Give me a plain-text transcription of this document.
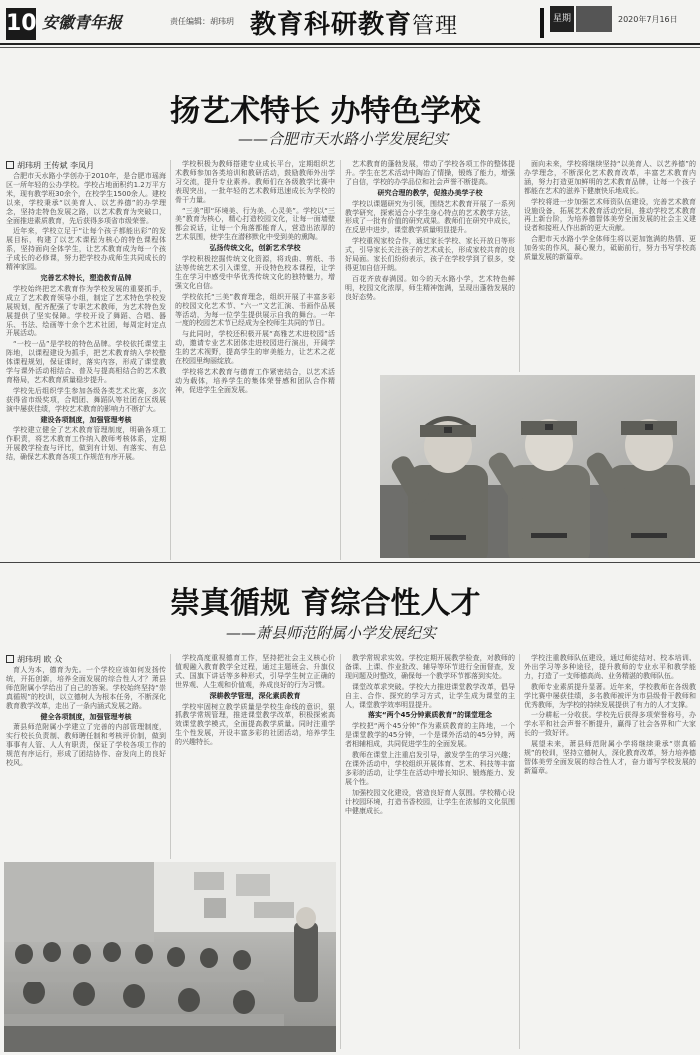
10 安徽青年报	责任编辑：胡玮玥 教育科研教育管理	星期	2020年7月16日
扬艺术特长 办特色学校
——合肥市天水路小学发展纪实
胡玮玥 王传斌 李凤月

合肥市天水路小学创办于2010年，是合肥市瑶海区一所年轻的公办学校。学校占地面积约1.2万平方米，现有教学班30余个，在校学生1500余人。建校以来，学校秉承“以美育人、以艺养德”的办学理念，坚持走特色发展之路，以艺术教育为突破口，全面推进素质教育，先后获得多项省市级荣誉。

近年来，学校立足于“让每个孩子都能出彩”的发展目标，构建了以艺术课程为核心的特色课程体系，坚持面向全体学生，让艺术教育成为每一个孩子成长的必修课，努力把学校办成师生共同成长的精神家园。

完善艺术特长，塑造教育品牌

学校始终把艺术教育作为学校发展的重要抓手，成立了艺术教育领导小组，制定了艺术特色学校发展规划，配齐配强了专职艺术教师，为艺术特色发展提供了坚实保障。学校开设了舞蹈、合唱、器乐、书法、绘画等十余个艺术社团，每周定时定点开展活动。

“一校一品”是学校的特色品牌。学校依托课堂主阵地，以课程建设为抓手，把艺术教育纳入学校整体课程规划，保证课时，落实内容，形成了课堂教学与课外活动相结合、普及与提高相结合的艺术教育格局，艺术教育质量稳步提升。

学校先后组织学生参加各级各类艺术比赛，多次获得省市级奖项，合唱团、舞蹈队等社团在区级展演中屡获佳绩，学校艺术教育的影响力不断扩大。

建设各项制度，加强管理考核

学校建立健全了艺术教育管理制度，明确各项工作职责，将艺术教育工作纳入教师考核体系，定期开展教学检查与评比，做到有计划、有落实、有总结，确保艺术教育各项工作规范有序开展。

学校积极为教师搭建专业成长平台，定期组织艺术教师参加各类培训和教研活动，鼓励教师外出学习交流，提升专业素养。教师们在各级教学比赛中表现突出，一批年轻的艺术教师迅速成长为学校的骨干力量。

“三美”即“环境美、行为美、心灵美”。学校以“三美”教育为核心，精心打造校园文化，让每一面墙壁都会说话，让每一个角落都能育人，营造出浓厚的艺术氛围，使学生在潜移默化中受到美的熏陶。

弘扬传统文化，创新艺术学校

学校积极挖掘传统文化资源，将戏曲、剪纸、书法等传统艺术引入课堂，开设特色校本课程，让学生在学习中感受中华优秀传统文化的独特魅力，增强文化自信。

学校依托“三美”教育理念，组织开展了丰富多彩的校园文化艺术节、“六一”文艺汇演、书画作品展等活动，为每一位学生提供展示自我的舞台。一年一度的校园艺术节已经成为全校师生共同的节日。

与此同时，学校还积极开展“高雅艺术进校园”活动，邀请专业艺术团体走进校园进行演出，开阔学生的艺术视野，提高学生的审美能力，让艺术之花在校园里绚丽绽放。

学校将艺术教育与德育工作紧密结合，以艺术活动为载体，培养学生的集体荣誉感和团队合作精神，促进学生全面发展。

艺术教育的蓬勃发展，带动了学校各项工作的整体提升。学生在艺术活动中陶冶了情操，锻炼了能力，增强了自信，学校的办学品位和社会声誉不断提高。

研究合理的教学，促推办美学子校

学校以课题研究为引领，围绕艺术教育开展了一系列教学研究，探索适合小学生身心特点的艺术教学方法，形成了一批有价值的研究成果。教师们在研究中成长，在反思中进步，课堂教学质量明显提升。

学校重视家校合作，通过家长学校、家长开放日等形式，引导家长关注孩子的艺术成长，形成家校共育的良好局面。家长们纷纷表示，孩子在学校学到了很多，变得更加自信开朗。

百花齐放春满园。如今的天水路小学，艺术特色鲜明，校园文化浓厚，师生精神饱满，呈现出蓬勃发展的良好态势。

面向未来，学校将继续坚持“以美育人、以艺养德”的办学理念，不断深化艺术教育改革，丰富艺术教育内涵，努力打造更加鲜明的艺术教育品牌，让每一个孩子都能在艺术的滋养下健康快乐地成长。

学校将进一步加强艺术师资队伍建设，完善艺术教育设施设备，拓展艺术教育活动空间，推动学校艺术教育再上新台阶，为培养德智体美劳全面发展的社会主义建设者和接班人作出新的更大贡献。

合肥市天水路小学全体师生将以更加饱满的热情、更加务实的作风，凝心聚力，砥砺前行，努力书写学校高质量发展的新篇章。

崇真循规 育综合性人才
——萧县师范附属小学发展纪实
胡玮玥 欧 众

育人为本，德育为先。一个学校应该如何发扬传统，开拓创新，培养全面发展的综合性人才？萧县师范附属小学给出了自己的答案。学校始终坚持“崇真循规”的校训，以立德树人为根本任务，不断深化教育教学改革，走出了一条内涵式发展之路。

健全各项制度，加强管理考核

萧县师范附属小学建立了完善的内部管理制度，实行校长负责制、教师聘任制和考核评价制，做到事事有人管、人人有职责，保证了学校各项工作的规范有序运行，形成了团结协作、奋发向上的良好校风。

学校高度重视德育工作，坚持把社会主义核心价值观融入教育教学全过程，通过主题班会、升旗仪式、国旗下讲话等多种形式，引导学生树立正确的世界观、人生观和价值观，养成良好的行为习惯。

深耕教学管理，深化素质教育

学校牢固树立教学质量是学校生命线的意识，狠抓教学常规管理，推进课堂教学改革，积极探索高效课堂教学模式，全面提高教学质量。同时注重学生个性发展，开设丰富多彩的社团活动，培养学生的兴趣特长。

教学常规求实效。学校定期开展教学检查，对教师的备课、上课、作业批改、辅导等环节进行全面督查，发现问题及时整改，确保每一个教学环节都落到实处。

课堂改革求突破。学校大力推进课堂教学改革，倡导自主、合作、探究的学习方式，让学生成为课堂的主人，课堂教学效率明显提升。

落实“两个45分钟素质教育”的课堂理念

学校把“两个45分钟”作为素质教育的主阵地，一个是课堂教学的45分钟，一个是课外活动的45分钟，两者相辅相成，共同促进学生的全面发展。

教师在课堂上注重启发引导，激发学生的学习兴趣；在课外活动中，学校组织开展体育、艺术、科技等丰富多彩的活动，让学生在活动中增长知识、锻炼能力、发展个性。

加强校园文化建设，营造良好育人氛围。学校精心设计校园环境，打造书香校园，让学生在浓郁的文化氛围中健康成长。

学校注重教师队伍建设，通过师徒结对、校本培训、外出学习等多种途径，提升教师的专业水平和教学能力，打造了一支师德高尚、业务精湛的教师队伍。

教师专业素质提升显著。近年来，学校教师在各级教学比赛中屡获佳绩，多名教师被评为市县级骨干教师和优秀教师，为学校的持续发展提供了有力的人才支撑。

一分耕耘一分收获。学校先后获得多项荣誉称号，办学水平和社会声誉不断提升，赢得了社会各界和广大家长的一致好评。

展望未来，萧县师范附属小学将继续秉承“崇真循规”的校训，坚持立德树人，深化教育改革，努力培养德智体美劳全面发展的综合性人才，奋力谱写学校发展的新篇章。
